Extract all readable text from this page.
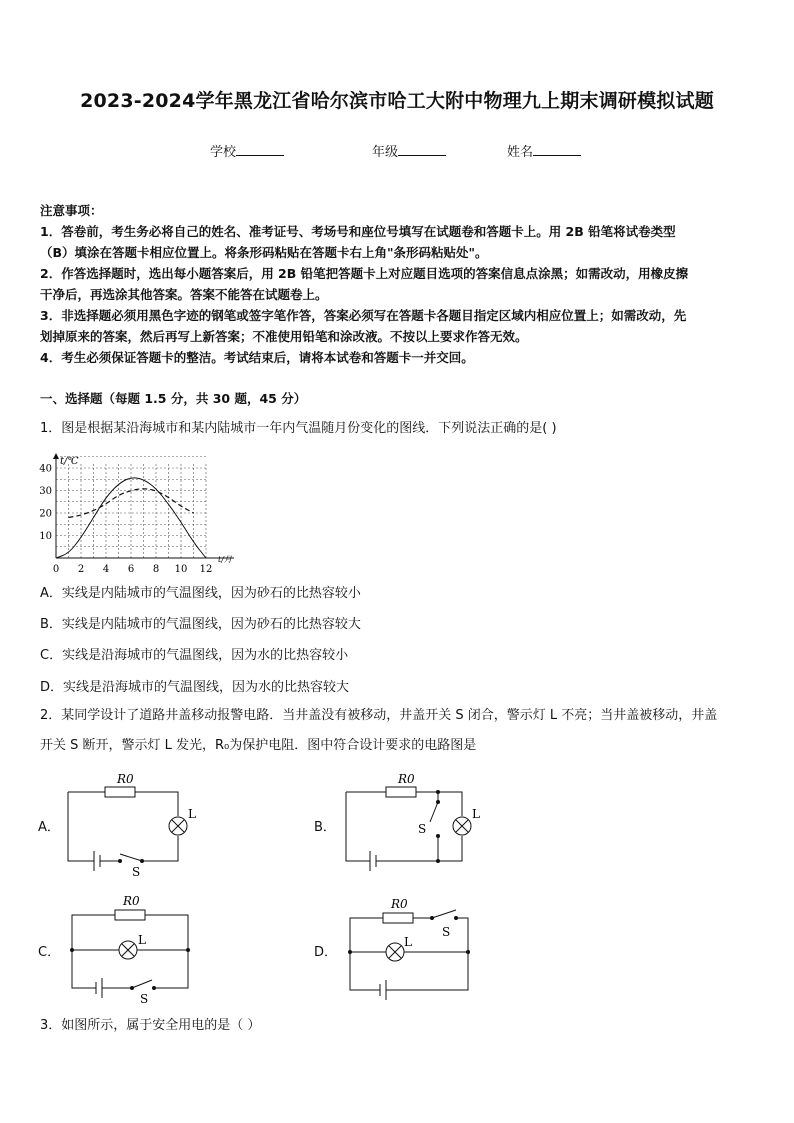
2023-2024学年黑龙江省哈尔滨市哈工大附中物理九上期末调研模拟试题
学校	年级	姓名
注意事项：
1．答卷前，考生务必将自己的姓名、准考证号、考场号和座位号填写在试题卷和答题卡上。用 2B 铅笔将试卷类型
（B）填涂在答题卡相应位置上。将条形码粘贴在答题卡右上角"条形码粘贴处"。
2．作答选择题时，选出每小题答案后，用 2B 铅笔把答题卡上对应题目选项的答案信息点涂黑；如需改动，用橡皮擦
干净后，再选涂其他答案。答案不能答在试题卷上。
3．非选择题必须用黑色字迹的钢笔或签字笔作答，答案必须写在答题卡各题目指定区域内相应位置上；如需改动，先
划掉原来的答案，然后再写上新答案；不准使用铅笔和涂改液。不按以上要求作答无效。
4．考生必须保证答题卡的整洁。考试结束后，请将本试卷和答题卡一并交回。
一、选择题（每题 1.5 分，共 30 题，45 分）
1．图是根据某沿海城市和某内陆城市一年内气温随月份变化的图线．下列说法正确的是( )
t/℃
t/月
0 2 4 6 8 10 12
10
20
30
40
A．实线是内陆城市的气温图线，因为砂石的比热容较小
B．实线是内陆城市的气温图线，因为砂石的比热容较大
C．实线是沿海城市的气温图线，因为水的比热容较小
D．实线是沿海城市的气温图线，因为水的比热容较大
2．某同学设计了道路井盖移动报警电路．当井盖没有被移动，井盖开关 S 闭合，警示灯 L 不亮；当井盖被移动，井盖
开关 S 断开，警示灯 L 发光，R₀为保护电阻．图中符合设计要求的电路图是
A．
R0
L
S
B．
R0
L
S
C．
R0
L
S
D．
R0
L
S
3．如图所示，属于安全用电的是（ ）
